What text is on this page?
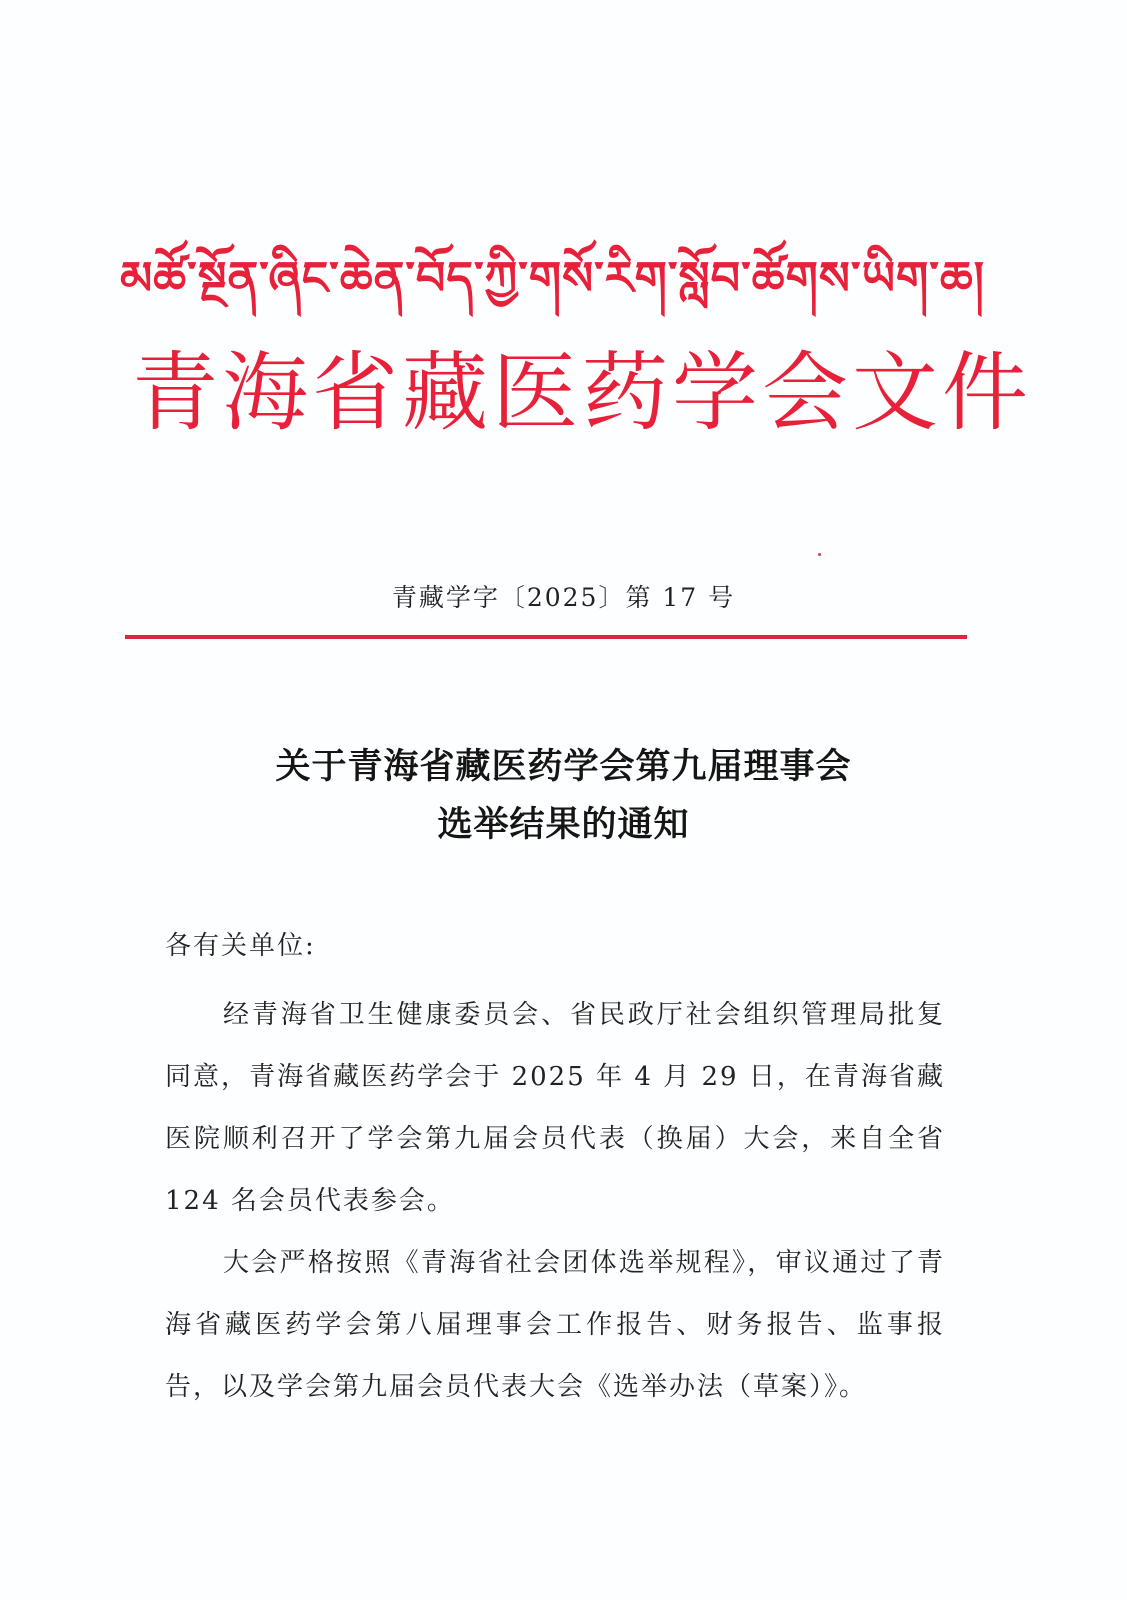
མཚོ་སྔོན་ཞིང་ཆེན་བོད་ཀྱི་གསོ་རིག་སློབ་ཚོགས་ཡིག་ཆ།
青海省藏医药学会文件
青藏学字〔2025〕第 17 号
关于青海省藏医药学会第九届理事会
选举结果的通知
各有关单位:

经青海省卫生健康委员会、省民政厅社会组织管理局批复同意，青海省藏医药学会于 2025 年 4 月 29 日，在青海省藏医院顺利召开了学会第九届会员代表（换届）大会，来自全省 124 名会员代表参会。

大会严格按照《青海省社会团体选举规程》，审议通过了青海省藏医药学会第八届理事会工作报告、财务报告、监事报告，以及学会第九届会员代表大会《选举办法（草案）》。
